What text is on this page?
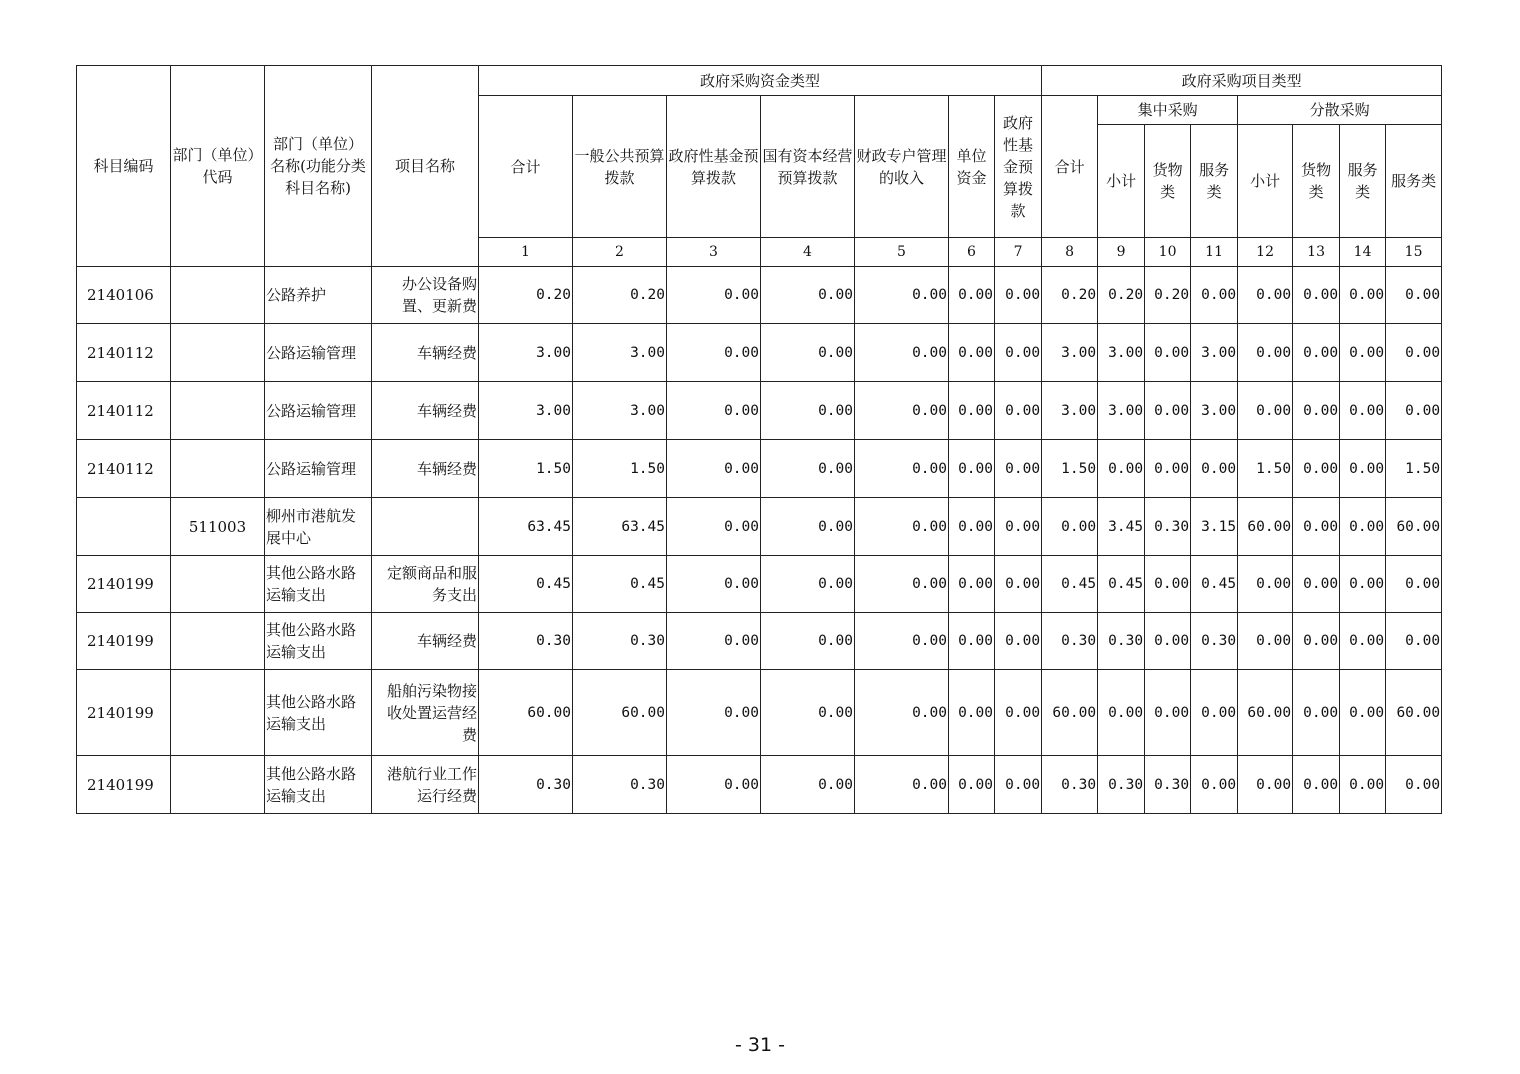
科目编码	部门（单位）代码	部门（单位）名称(功能分类科目名称)	项目名称	政府采购资金类型							政府采购项目类型							
				合计	一般公共预算拨款	政府性基金预算拨款	国有资本经营预算拨款	财政专户管理的收入	单位资金	政府性基金预算拨款	合计	集中采购			分散采购			
												小计	货物类	服务类	小计	货物类	服务类	服务类
				1	2	3	4	5	6	7	8	9	10	11	12	13	14	15
2140106		公路养护	办公设备购置、更新费	0.20	0.20	0.00	0.00	0.00	0.00	0.00	0.20	0.20	0.20	0.00	0.00	0.00	0.00	0.00
2140112		公路运输管理	车辆经费	3.00	3.00	0.00	0.00	0.00	0.00	0.00	3.00	3.00	0.00	3.00	0.00	0.00	0.00	0.00
2140112		公路运输管理	车辆经费	3.00	3.00	0.00	0.00	0.00	0.00	0.00	3.00	3.00	0.00	3.00	0.00	0.00	0.00	0.00
2140112		公路运输管理	车辆经费	1.50	1.50	0.00	0.00	0.00	0.00	0.00	1.50	0.00	0.00	0.00	1.50	0.00	0.00	1.50
	511003	柳州市港航发展中心		63.45	63.45	0.00	0.00	0.00	0.00	0.00	0.00	3.45	0.30	3.15	60.00	0.00	0.00	60.00
2140199		其他公路水路运输支出	定额商品和服务支出	0.45	0.45	0.00	0.00	0.00	0.00	0.00	0.45	0.45	0.00	0.45	0.00	0.00	0.00	0.00
2140199		其他公路水路运输支出	车辆经费	0.30	0.30	0.00	0.00	0.00	0.00	0.00	0.30	0.30	0.00	0.30	0.00	0.00	0.00	0.00
2140199		其他公路水路运输支出	船舶污染物接收处置运营经费	60.00	60.00	0.00	0.00	0.00	0.00	0.00	60.00	0.00	0.00	0.00	60.00	0.00	0.00	60.00
2140199		其他公路水路运输支出	港航行业工作运行经费	0.30	0.30	0.00	0.00	0.00	0.00	0.00	0.30	0.30	0.30	0.00	0.00	0.00	0.00	0.00
- 31 -
